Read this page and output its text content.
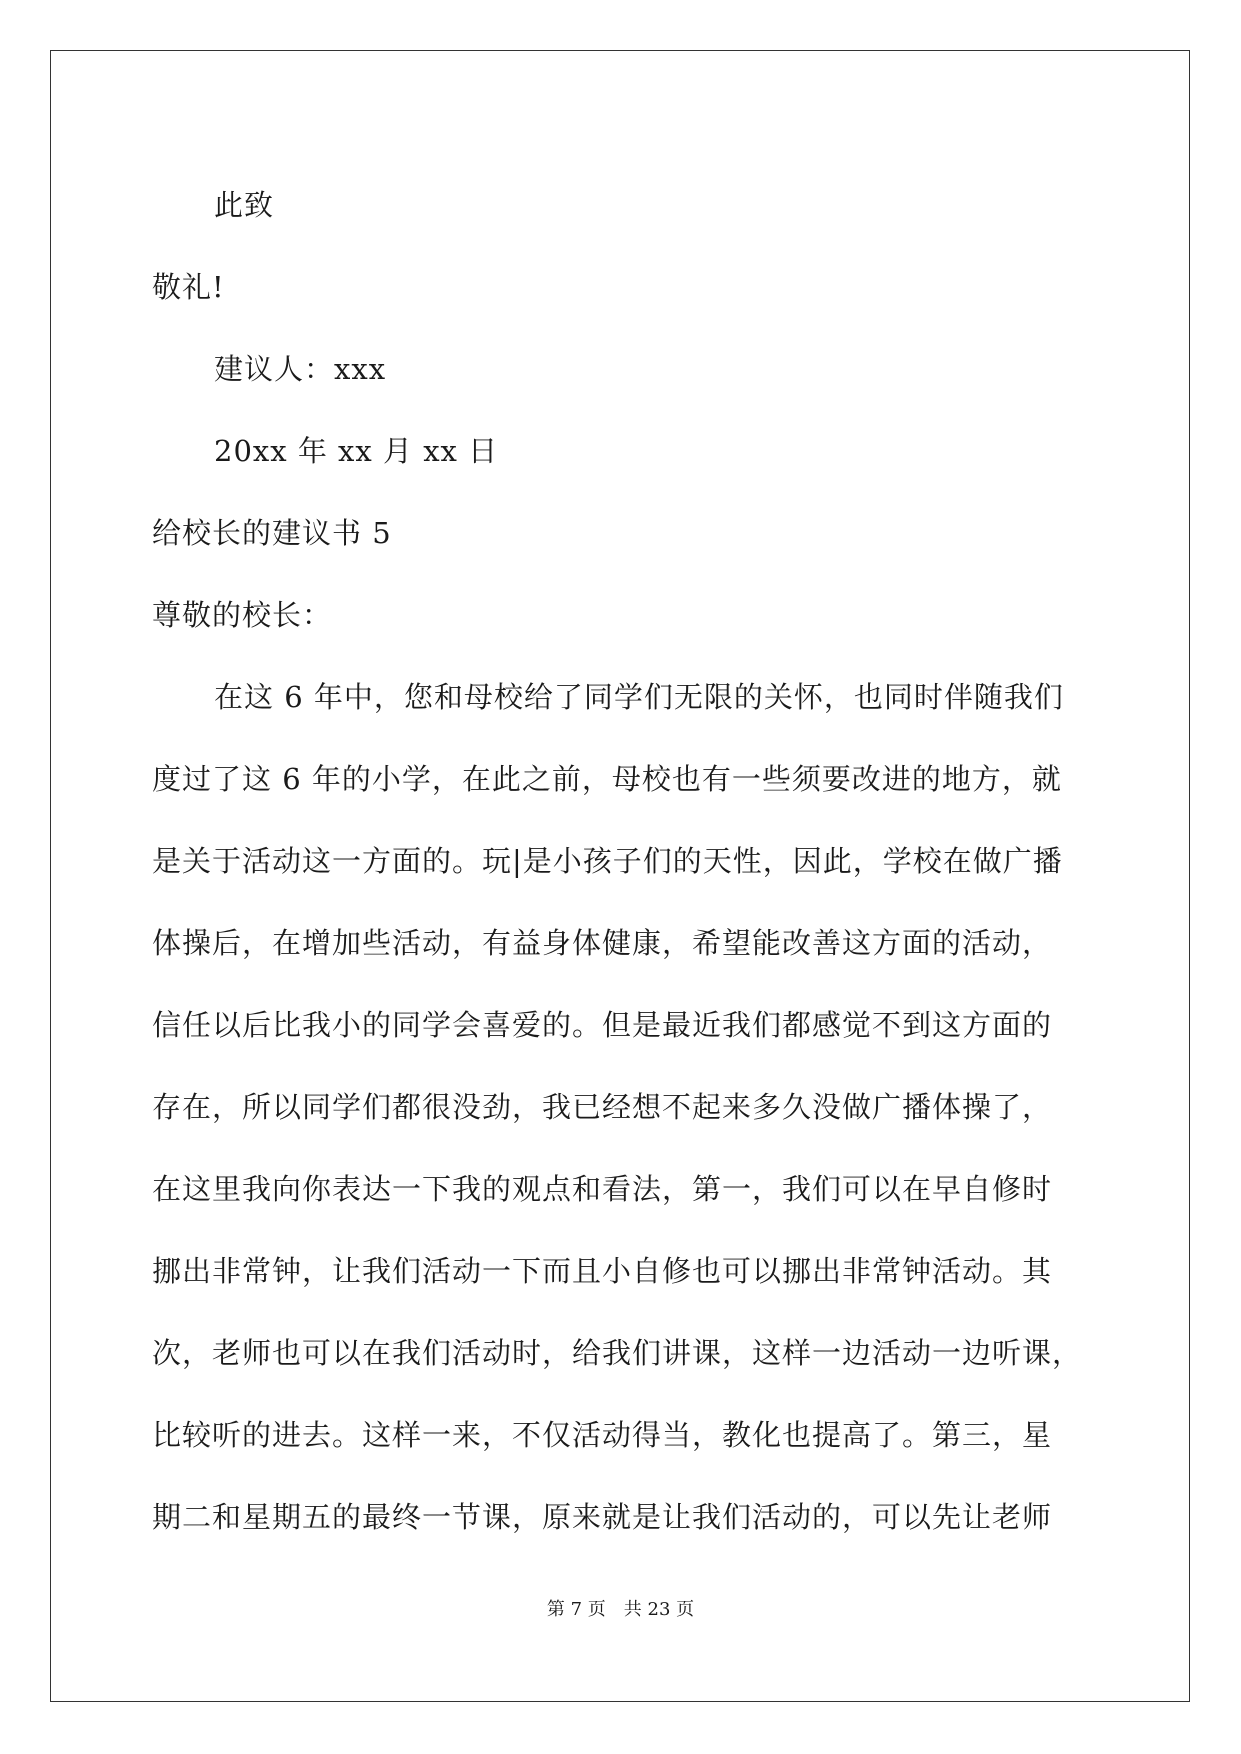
此致
敬礼!
建议人：xxx
20xx 年 xx 月 xx 日
给校长的建议书 5
尊敬的校长：
在这 6 年中，您和母校给了同学们无限的关怀，也同时伴随我们
度过了这 6 年的小学，在此之前，母校也有一些须要改进的地方，就
是关于活动这一方面的。玩|是小孩子们的天性，因此，学校在做广播
体操后，在增加些活动，有益身体健康，希望能改善这方面的活动，
信任以后比我小的同学会喜爱的。但是最近我们都感觉不到这方面的
存在，所以同学们都很没劲，我已经想不起来多久没做广播体操了，
在这里我向你表达一下我的观点和看法，第一，我们可以在早自修时
挪出非常钟，让我们活动一下而且小自修也可以挪出非常钟活动。其
次，老师也可以在我们活动时，给我们讲课，这样一边活动一边听课，
比较听的进去。这样一来，不仅活动得当，教化也提高了。第三，星
期二和星期五的最终一节课，原来就是让我们活动的，可以先让老师
第 7 页　共 23 页
